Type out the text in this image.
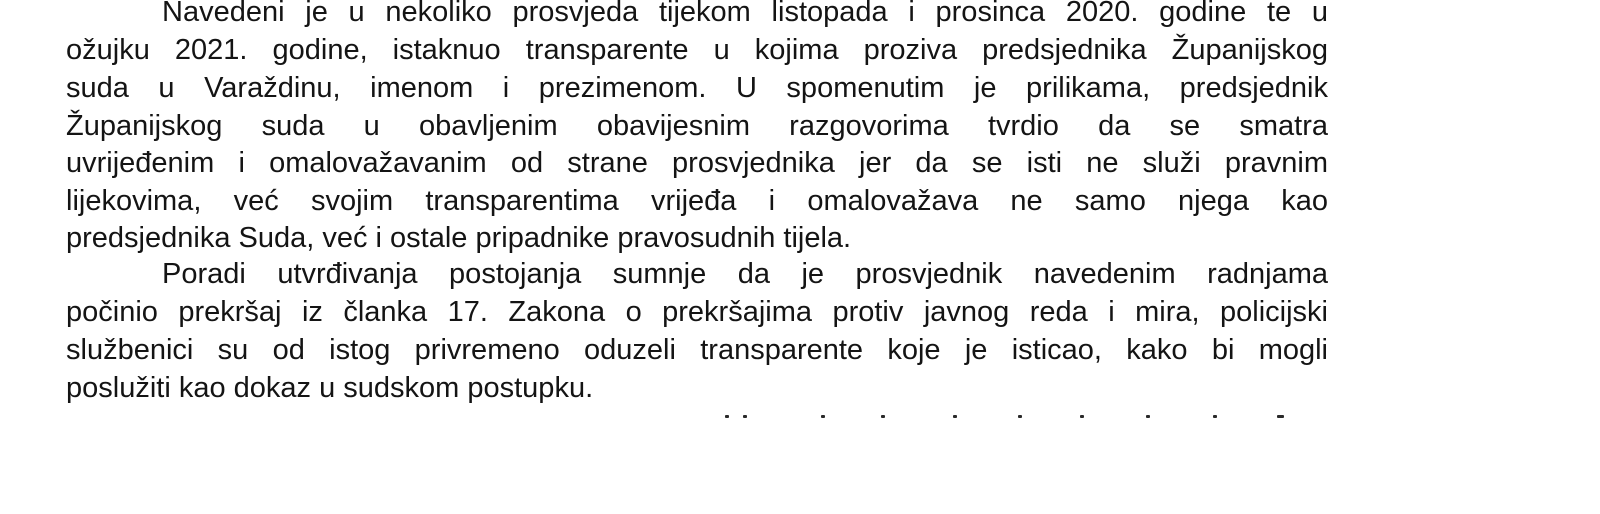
Navedeni je u nekoliko prosvjeda tijekom listopada i prosinca 2020. godine te u
ožujku 2021. godine, istaknuo transparente u kojima proziva predsjednika Županijskog
suda u Varaždinu, imenom i prezimenom. U spomenutim je prilikama, predsjednik
Županijskog suda u obavljenim obavijesnim razgovorima tvrdio da se smatra
uvrijeđenim i omalovažavanim od strane prosvjednika jer da se isti ne služi pravnim
lijekovima, već svojim transparentima vrijeđa i omalovažava ne samo njega kao
predsjednika Suda, već i ostale pripadnike pravosudnih tijela.
Poradi utvrđivanja postojanja sumnje da je prosvjednik navedenim radnjama
počinio prekršaj iz članka 17. Zakona o prekršajima protiv javnog reda i mira, policijski
službenici su od istog privremeno oduzeli transparente koje je isticao, kako bi mogli
poslužiti kao dokaz u sudskom postupku.
